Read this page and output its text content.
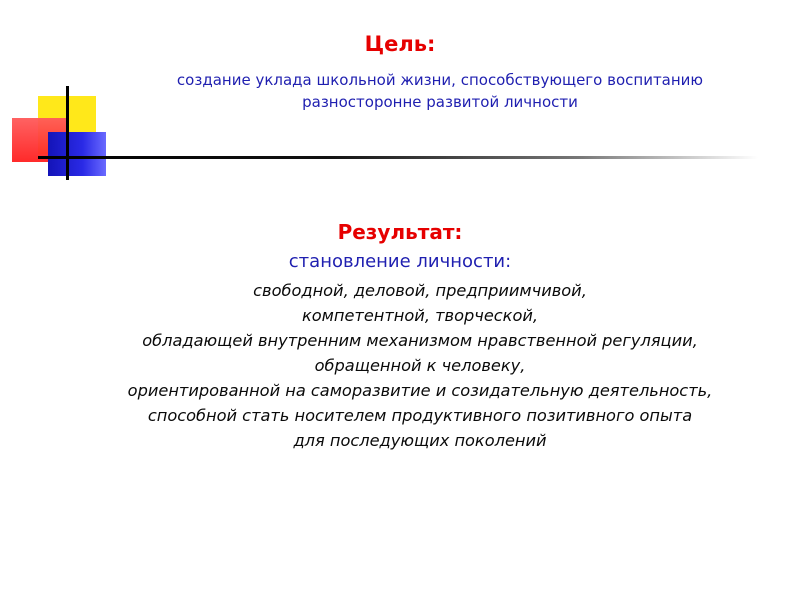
Цель:
создание уклада школьной жизни, способствующего воспитанию
разносторонне развитой личности
Результат:
становление личности:
свободной, деловой, предприимчивой,
компетентной, творческой,
обладающей внутренним механизмом нравственной регуляции,
обращенной к человеку,
ориентированной на саморазвитие и созидательную деятельность,
способной стать носителем продуктивного позитивного опыта
для последующих поколений
